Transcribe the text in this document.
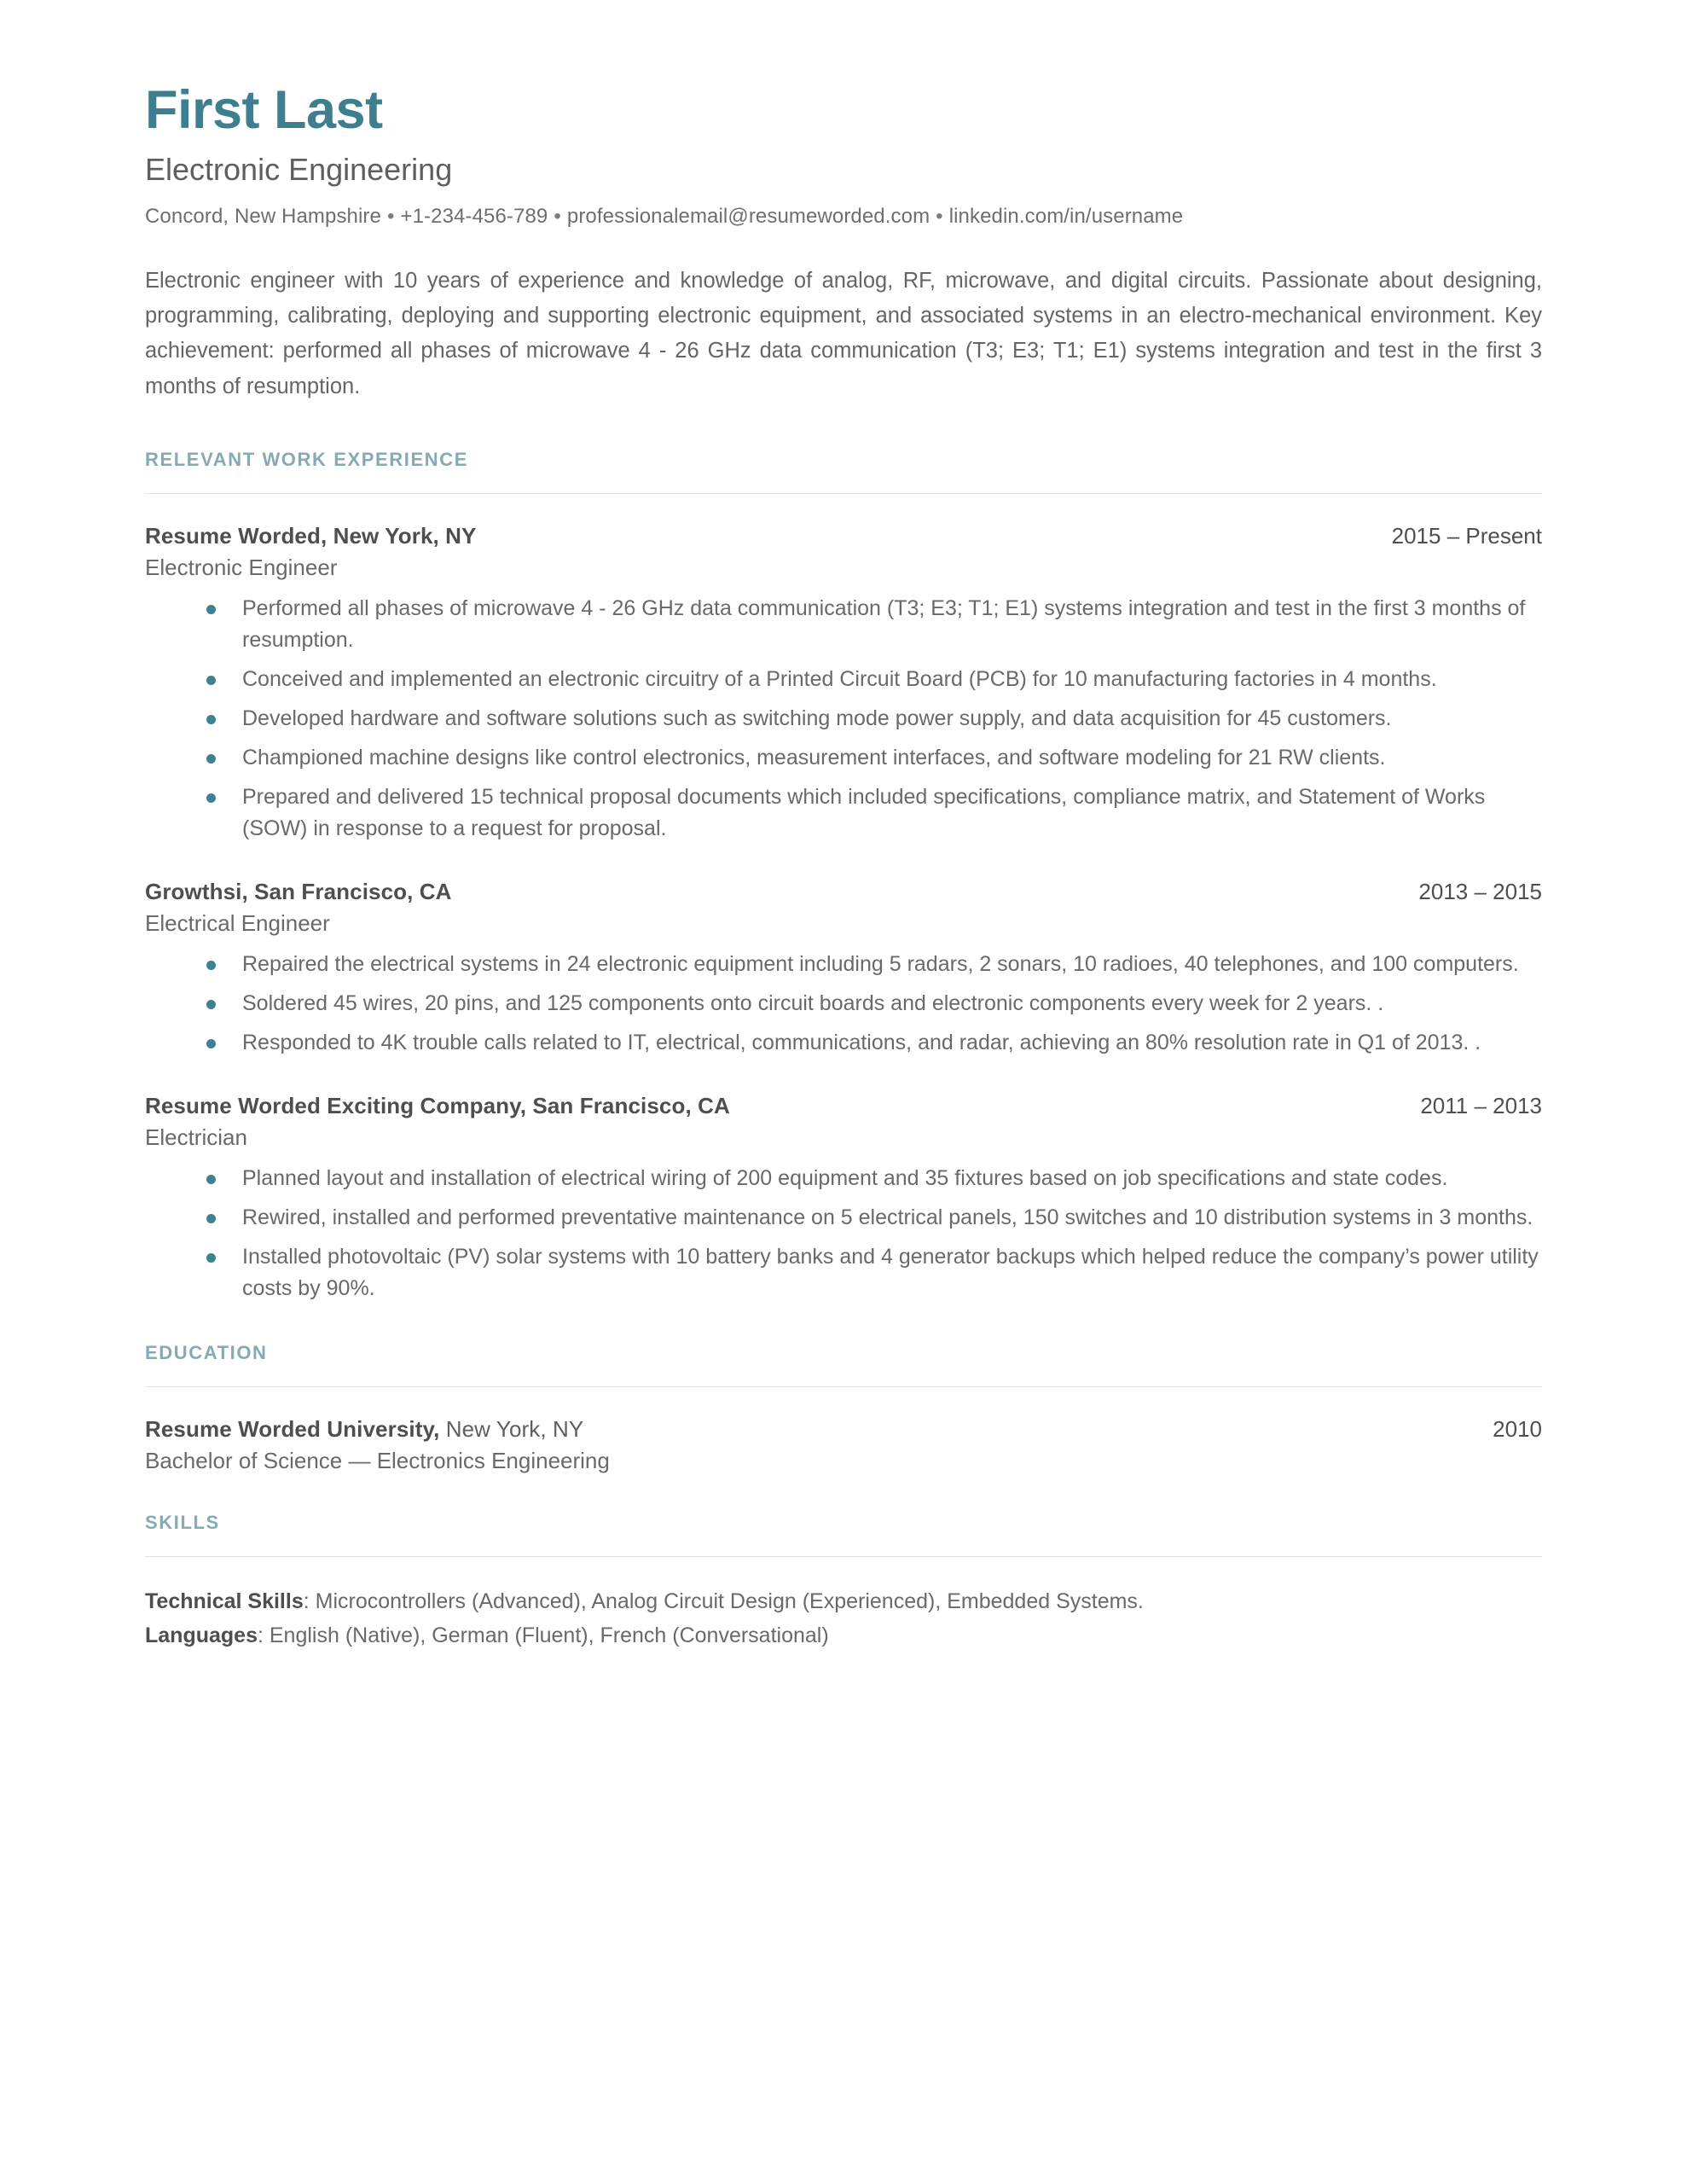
First Last
Electronic Engineering
Concord, New Hampshire • +1-234-456-789 • professionalemail@resumeworded.com • linkedin.com/in/username

Electronic engineer with 10 years of experience and knowledge of analog, RF, microwave, and digital circuits. Passionate about designing, programming, calibrating, deploying and supporting electronic equipment, and associated systems in an electro-mechanical environment. Key achievement: performed all phases of microwave 4 - 26 GHz data communication (T3; E3; T1; E1) systems integration and test in the first 3 months of resumption.

RELEVANT WORK EXPERIENCE
Resume Worded, New York, NY	2015 – Present
Electronic Engineer
Performed all phases of microwave 4 - 26 GHz data communication (T3; E3; T1; E1) systems integration and test in the first 3 months of resumption.
Conceived and implemented an electronic circuitry of a Printed Circuit Board (PCB) for 10 manufacturing factories in 4 months.
Developed hardware and software solutions such as switching mode power supply, and data acquisition for 45 customers.
Championed machine designs like control electronics, measurement interfaces, and software modeling for 21 RW clients.
Prepared and delivered 15 technical proposal documents which included specifications, compliance matrix, and Statement of Works (SOW) in response to a request for proposal.
Growthsi, San Francisco, CA	2013 – 2015
Electrical Engineer
Repaired the electrical systems in 24 electronic equipment including 5 radars, 2 sonars, 10 radioes, 40 telephones, and 100 computers.
Soldered 45 wires, 20 pins, and 125 components onto circuit boards and electronic components every week for 2 years. .
Responded to 4K trouble calls related to IT, electrical, communications, and radar, achieving an 80% resolution rate in Q1 of 2013. .
Resume Worded Exciting Company, San Francisco, CA	2011 – 2013
Electrician
Planned layout and installation of electrical wiring of 200 equipment and 35 fixtures based on job specifications and state codes.
Rewired, installed and performed preventative maintenance on 5 electrical panels, 150 switches and 10 distribution systems in 3 months.
Installed photovoltaic (PV) solar systems with 10 battery banks and 4 generator backups which helped reduce the company’s power utility costs by 90%.
EDUCATION
Resume Worded University, New York, NY	2010
Bachelor of Science — Electronics Engineering
SKILLS
Technical Skills: Microcontrollers (Advanced), Analog Circuit Design (Experienced), Embedded Systems.
Languages: English (Native), German (Fluent), French (Conversational)
